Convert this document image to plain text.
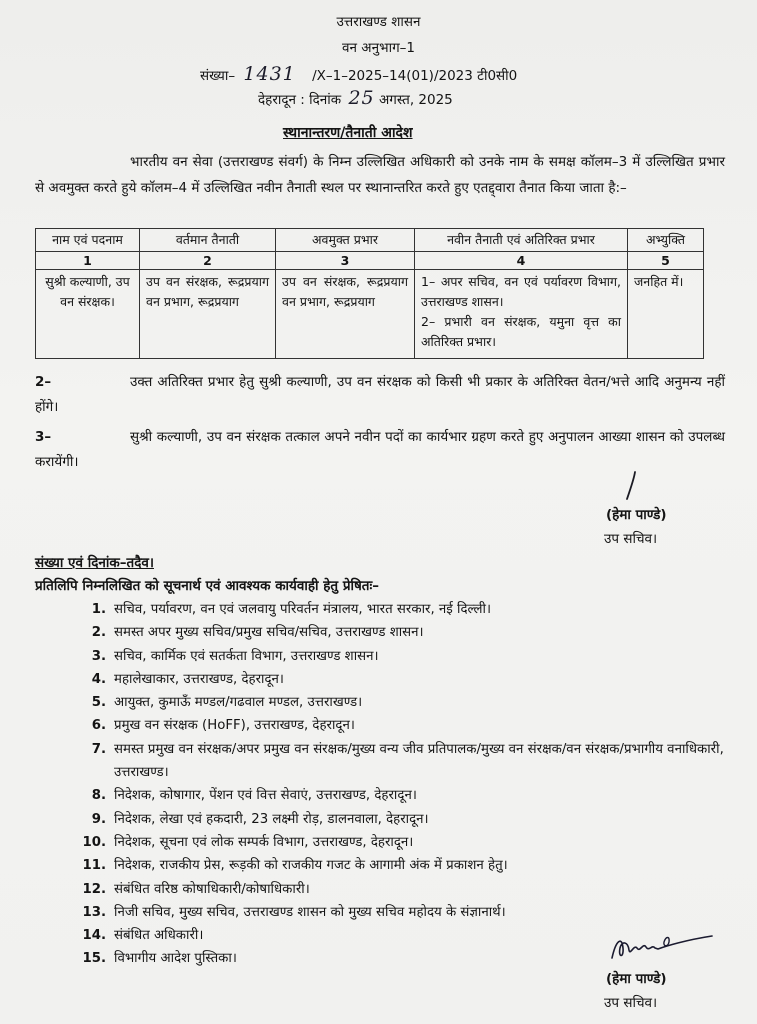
उत्तराखण्ड शासन
वन अनुभाग–1
संख्या– 1431 /X–1–2025–14(01)/2023 टी0सी0
देहरादून : दिनांक 25 अगस्त, 2025
स्थानान्तरण/तैनाती आदेश

भारतीय वन सेवा (उत्तराखण्ड संवर्ग) के निम्न उल्लिखित अधिकारी को उनके नाम के समक्ष कॉलम–3 में उल्लिखित प्रभार से अवमुक्त करते हुये कॉलम–4 में उल्लिखित नवीन तैनाती स्थल पर स्थानान्तरित करते हुए एतद्द्वारा तैनात किया जाता है:–

नाम एवं पदनाम	वर्तमान तैनाती	अवमुक्त प्रभार	नवीन तैनाती एवं अतिरिक्त प्रभार	अभ्युक्ति
1	2	3	4	5
सुश्री कल्याणी, उप वन संरक्षक।	उप वन संरक्षक, रूद्रप्रयाग वन प्रभाग, रूद्रप्रयाग	उप वन संरक्षक, रूद्रप्रयाग वन प्रभाग, रूद्रप्रयाग	1– अपर सचिव, वन एवं पर्यावरण विभाग, उत्तराखण्ड शासन।
2– प्रभारी वन संरक्षक, यमुना वृत्त का अतिरिक्त प्रभार।	जनहित में।

2–	उक्त अतिरिक्त प्रभार हेतु सुश्री कल्याणी, उप वन संरक्षक को किसी भी प्रकार के अतिरिक्त वेतन/भत्ते आदि अनुमन्य नहीं होंगे।

3–	सुश्री कल्याणी, उप वन संरक्षक तत्काल अपने नवीन पदों का कार्यभार ग्रहण करते हुए अनुपालन आख्या शासन को उपलब्ध करायेंगी।

(हेमा पाण्डे)
उप सचिव।
संख्या एवं दिनांक–तदैव।
प्रतिलिपि निम्नलिखित को सूचनार्थ एवं आवश्यक कार्यवाही हेतु प्रेषितः–
1. सचिव, पर्यावरण, वन एवं जलवायु परिवर्तन मंत्रालय, भारत सरकार, नई दिल्ली।
2. समस्त अपर मुख्य सचिव/प्रमुख सचिव/सचिव, उत्तराखण्ड शासन।
3. सचिव, कार्मिक एवं सतर्कता विभाग, उत्तराखण्ड शासन।
4. महालेखाकार, उत्तराखण्ड, देहरादून।
5. आयुक्त, कुमाऊँ मण्डल/गढवाल मण्डल, उत्तराखण्ड।
6. प्रमुख वन संरक्षक (HoFF), उत्तराखण्ड, देहरादून।
7. समस्त प्रमुख वन संरक्षक/अपर प्रमुख वन संरक्षक/मुख्य वन्य जीव प्रतिपालक/मुख्य वन संरक्षक/वन संरक्षक/प्रभागीय वनाधिकारी, उत्तराखण्ड।
8. निदेशक, कोषागार, पेंशन एवं वित्त सेवाएं, उत्तराखण्ड, देहरादून।
9. निदेशक, लेखा एवं हकदारी, 23 लक्ष्मी रोड़, डालनवाला, देहरादून।
10. निदेशक, सूचना एवं लोक सम्पर्क विभाग, उत्तराखण्ड, देहरादून।
11. निदेशक, राजकीय प्रेस, रूड़की को राजकीय गजट के आगामी अंक में प्रकाशन हेतु।
12. संबंधित वरिष्ठ कोषाधिकारी/कोषाधिकारी।
13. निजी सचिव, मुख्य सचिव, उत्तराखण्ड शासन को मुख्य सचिव महोदय के संज्ञानार्थ।
14. संबंधित अधिकारी।
15. विभागीय आदेश पुस्तिका।
(हेमा पाण्डे)
उप सचिव।
